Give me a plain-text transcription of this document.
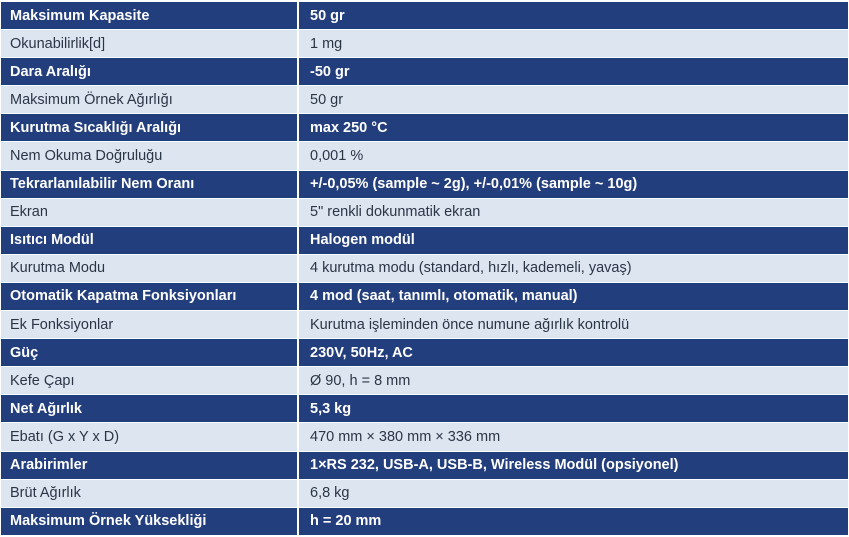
Maksimum Kapasite	50 gr
Okunabilirlik[d]	1 mg
Dara Aralığı	-50 gr
Maksimum Örnek Ağırlığı	50 gr
Kurutma Sıcaklığı Aralığı	max 250 °C
Nem Okuma Doğruluğu	0,001 %
Tekrarlanılabilir Nem Oranı	+/-0,05% (sample ~ 2g), +/-0,01% (sample ~ 10g)
Ekran	5" renkli dokunmatik ekran
Isıtıcı Modül	Halogen modül
Kurutma Modu	4 kurutma modu (standard, hızlı, kademeli, yavaş)
Otomatik Kapatma Fonksiyonları	4 mod (saat, tanımlı, otomatik, manual)
Ek Fonksiyonlar	Kurutma işleminden önce numune ağırlık kontrolü
Güç	230V, 50Hz, AC
Kefe Çapı	Ø 90, h = 8 mm
Net Ağırlık	5,3 kg
Ebatı (G x Y x D)	470 mm × 380 mm × 336 mm
Arabirimler	1×RS 232, USB-A, USB-B, Wireless Modül (opsiyonel)
Brüt Ağırlık	6,8 kg
Maksimum Örnek Yüksekliği	h = 20 mm
